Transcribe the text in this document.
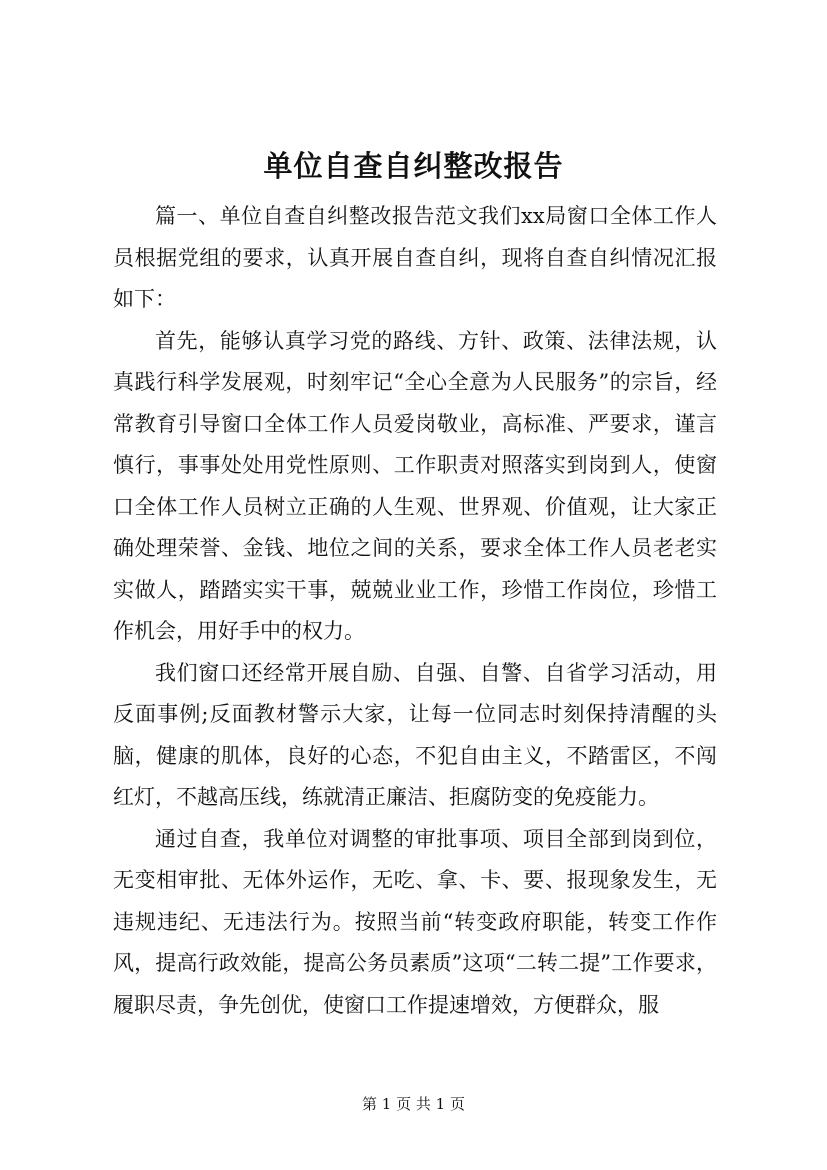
单位自查自纠整改报告

篇一、单位自查自纠整改报告范文我们xx局窗口全体工作人员根据党组的要求，认真开展自查自纠，现将自查自纠情况汇报如下：

首先，能够认真学习党的路线、方针、政策、法律法规，认真践行科学发展观，时刻牢记“全心全意为人民服务”的宗旨，经常教育引导窗口全体工作人员爱岗敬业，高标准、严要求，谨言慎行，事事处处用党性原则、工作职责对照落实到岗到人，使窗口全体工作人员树立正确的人生观、世界观、价值观，让大家正确处理荣誉、金钱、地位之间的关系，要求全体工作人员老老实实做人，踏踏实实干事，兢兢业业工作，珍惜工作岗位，珍惜工作机会，用好手中的权力。

我们窗口还经常开展自励、自强、自警、自省学习活动，用反面事例;反面教材警示大家，让每一位同志时刻保持清醒的头脑，健康的肌体，良好的心态，不犯自由主义，不踏雷区，不闯红灯，不越高压线，练就清正廉洁、拒腐防变的免疫能力。

通过自查，我单位对调整的审批事项、项目全部到岗到位，无变相审批、无体外运作，无吃、拿、卡、要、报现象发生，无违规违纪、无违法行为。按照当前“转变政府职能，转变工作作风，提高行政效能，提高公务员素质”这项“二转二提”工作要求，履职尽责，争先创优，使窗口工作提速增效，方便群众，服

第 1 页 共 1 页
